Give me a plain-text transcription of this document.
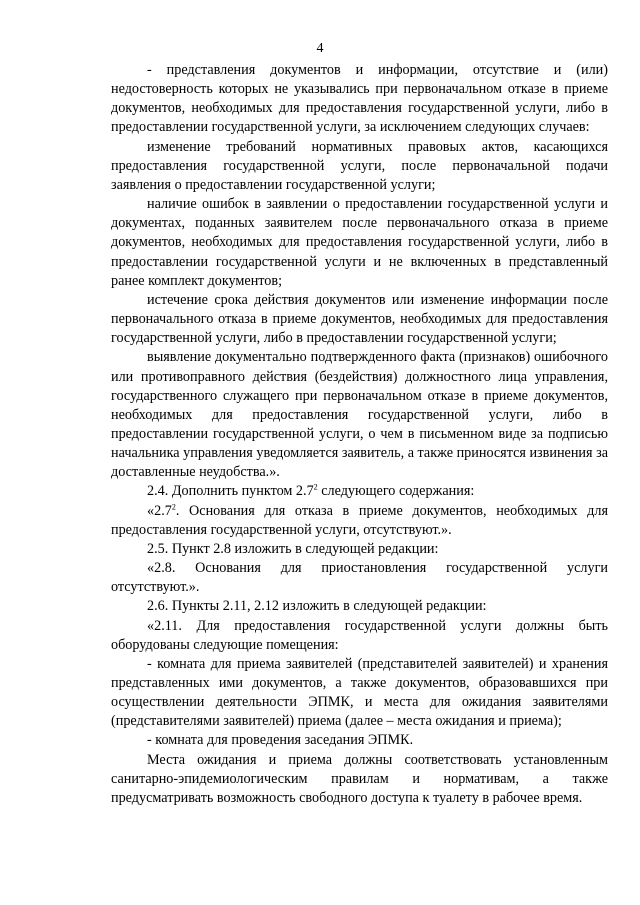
4

- представления документов и информации, отсутствие и (или) недостоверность которых не указывались при первоначальном отказе в приеме документов, необходимых для предоставления государственной услуги, либо в предоставлении государственной услуги, за исключением следующих случаев:

изменение требований нормативных правовых актов, касающихся предоставления государственной услуги, после первоначальной подачи заявления о предоставлении государственной услуги;

наличие ошибок в заявлении о предоставлении государственной услуги и документах, поданных заявителем после первоначального отказа в приеме документов, необходимых для предоставления государственной услуги, либо в предоставлении государственной услуги и не включенных в представленный ранее комплект документов;

истечение срока действия документов или изменение информации после первоначального отказа в приеме документов, необходимых для предоставления государственной услуги, либо в предоставлении государственной услуги;

выявление документально подтвержденного факта (признаков) ошибочного или противоправного действия (бездействия) должностного лица управления, государственного служащего при первоначальном отказе в приеме документов, необходимых для предоставления государственной услуги, либо в предоставлении государственной услуги, о чем в письменном виде за подписью начальника управления уведомляется заявитель, а также приносятся извинения за доставленные неудобства.».

2.4. Дополнить пунктом $2.7^2$ следующего содержания:

«$2.7^2$. Основания для отказа в приеме документов, необходимых для предоставления государственной услуги, отсутствуют.».

2.5. Пункт 2.8 изложить в следующей редакции:

«2.8. Основания для приостановления государственной услуги отсутствуют.».

2.6. Пункты 2.11, 2.12 изложить в следующей редакции:

«2.11. Для предоставления государственной услуги должны быть оборудованы следующие помещения:

- комната для приема заявителей (представителей заявителей) и хранения представленных ими документов, а также документов, образовавшихся при осуществлении деятельности ЭПМК, и места для ожидания заявителями (представителями заявителей) приема (далее – места ожидания и приема);

- комната для проведения заседания ЭПМК.

Места ожидания и приема должны соответствовать установленным санитарно-эпидемиологическим правилам и нормативам, а также предусматривать возможность свободного доступа к туалету в рабочее время.
